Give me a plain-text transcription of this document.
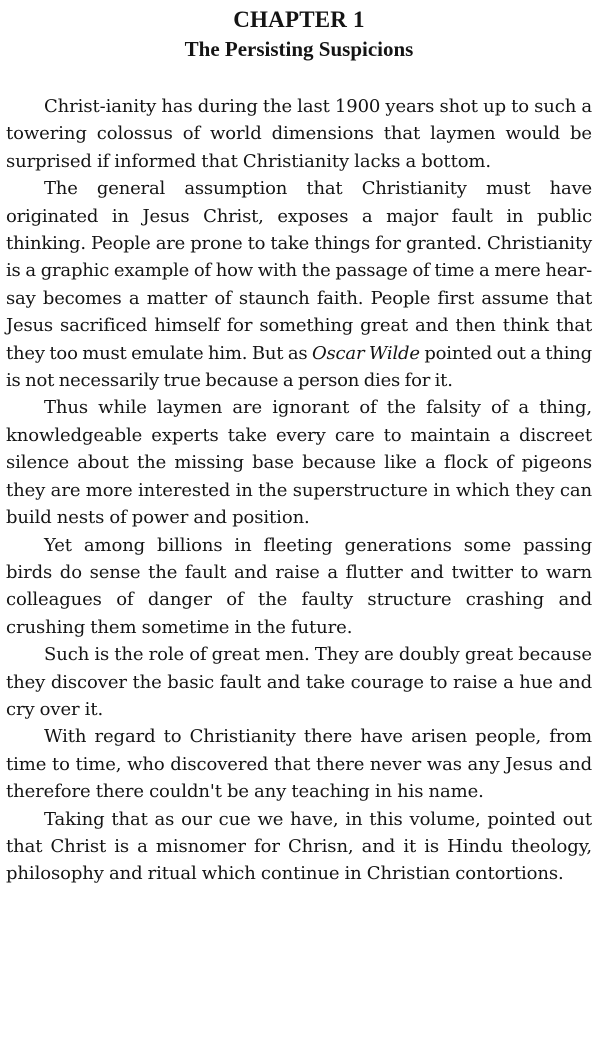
CHAPTER 1
The Persisting Suspicions

Christ-ianity has during the last 1900 years shot up to such a towering colossus of world dimensions that laymen would be surprised if informed that Christianity lacks a bottom.

The general assumption that Christianity must have originated in Jesus Christ, exposes a major fault in public thinking. People are prone to take things for granted. Christianity is a graphic example of how with the passage of time a mere hear-say becomes a matter of staunch faith. People first assume that Jesus sacrificed himself for something great and then think that they too must emulate him. But as Oscar Wilde pointed out a thing is not necessarily true because a person dies for it.

Thus while laymen are ignorant of the falsity of a thing, knowledgeable experts take every care to maintain a discreet silence about the missing base because like a flock of pigeons they are more interested in the superstructure in which they can build nests of power and position.

Yet among billions in fleeting generations some passing birds do sense the fault and raise a flutter and twitter to warn colleagues of danger of the faulty structure crashing and crushing them sometime in the future.

Such is the role of great men. They are doubly great because they discover the basic fault and take courage to raise a hue and cry over it.

With regard to Christianity there have arisen people, from time to time, who discovered that there never was any Jesus and therefore there couldn't be any teaching in his name.

Taking that as our cue we have, in this volume, pointed out that Christ is a misnomer for Chrisn, and it is Hindu theology, philosophy and ritual which continue in Christian contortions.
